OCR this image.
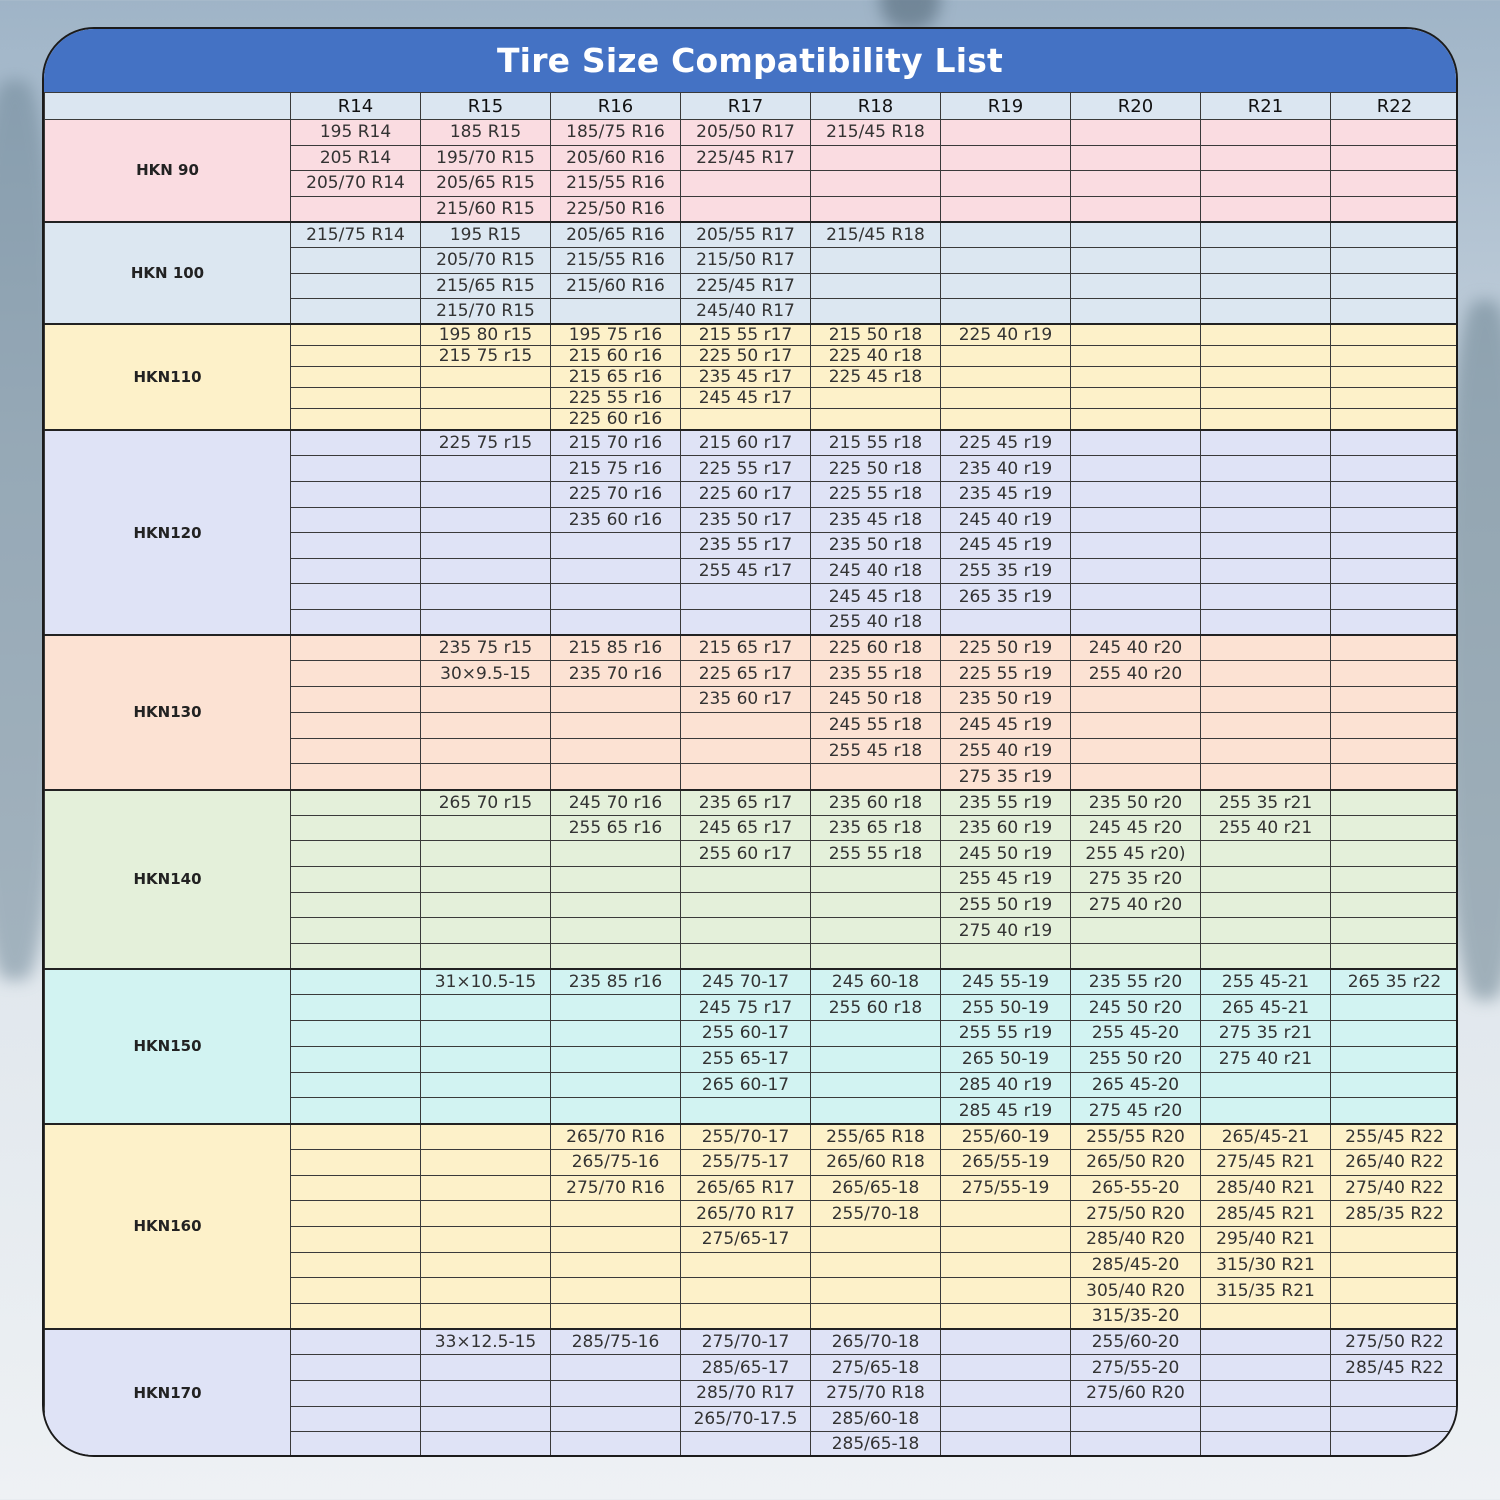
Tire Size Compatibility List
	R14	R15	R16	R17	R18	R19	R20	R21	R22
HKN 90	195 R14	185 R15	185/75 R16	205/50 R17	215/45 R18				
	205 R14	195/70 R15	205/60 R16	225/45 R17					
	205/70 R14	205/65 R15	215/55 R16						
		215/60 R15	225/50 R16						
HKN 100	215/75 R14	195 R15	205/65 R16	205/55 R17	215/45 R18				
		205/70 R15	215/55 R16	215/50 R17					
		215/65 R15	215/60 R16	225/45 R17					
		215/70 R15		245/40 R17					
HKN110		195 80 r15	195 75 r16	215 55 r17	215 50 r18	225 40 r19			
		215 75 r15	215 60 r16	225 50 r17	225 40 r18				
			215 65 r16	235 45 r17	225 45 r18				
			225 55 r16	245 45 r17					
			225 60 r16						
HKN120		225 75 r15	215 70 r16	215 60 r17	215 55 r18	225 45 r19			
			215 75 r16	225 55 r17	225 50 r18	235 40 r19			
			225 70 r16	225 60 r17	225 55 r18	235 45 r19			
			235 60 r16	235 50 r17	235 45 r18	245 40 r19			
				235 55 r17	235 50 r18	245 45 r19			
				255 45 r17	245 40 r18	255 35 r19			
					245 45 r18	265 35 r19			
					255 40 r18				
HKN130		235 75 r15	215 85 r16	215 65 r17	225 60 r18	225 50 r19	245 40 r20		
		30×9.5-15	235 70 r16	225 65 r17	235 55 r18	225 55 r19	255 40 r20		
				235 60 r17	245 50 r18	235 50 r19			
					245 55 r18	245 45 r19			
					255 45 r18	255 40 r19			
						275 35 r19			
HKN140		265 70 r15	245 70 r16	235 65 r17	235 60 r18	235 55 r19	235 50 r20	255 35 r21	
			255 65 r16	245 65 r17	235 65 r18	235 60 r19	245 45 r20	255 40 r21	
				255 60 r17	255 55 r18	245 50 r19	255 45 r20)		
						255 45 r19	275 35 r20		
						255 50 r19	275 40 r20		
						275 40 r19			

HKN150		31×10.5-15	235 85 r16	245 70-17	245 60-18	245 55-19	235 55 r20	255 45-21	265 35 r22
				245 75 r17	255 60 r18	255 50-19	245 50 r20	265 45-21	
				255 60-17		255 55 r19	255 45-20	275 35 r21	
				255 65-17		265 50-19	255 50 r20	275 40 r21	
				265 60-17		285 40 r19	265 45-20		
						285 45 r19	275 45 r20		
HKN160			265/70 R16	255/70-17	255/65 R18	255/60-19	255/55 R20	265/45-21	255/45 R22
			265/75-16	255/75-17	265/60 R18	265/55-19	265/50 R20	275/45 R21	265/40 R22
			275/70 R16	265/65 R17	265/65-18	275/55-19	265-55-20	285/40 R21	275/40 R22
				265/70 R17	255/70-18		275/50 R20	285/45 R21	285/35 R22
				275/65-17			285/40 R20	295/40 R21	
							285/45-20	315/30 R21	
							305/40 R20	315/35 R21	
							315/35-20		
HKN170		33×12.5-15	285/75-16	275/70-17	265/70-18		255/60-20		275/50 R22
				285/65-17	275/65-18		275/55-20		285/45 R22
				285/70 R17	275/70 R18		275/60 R20		
				265/70-17.5	285/60-18				
					285/65-18				
